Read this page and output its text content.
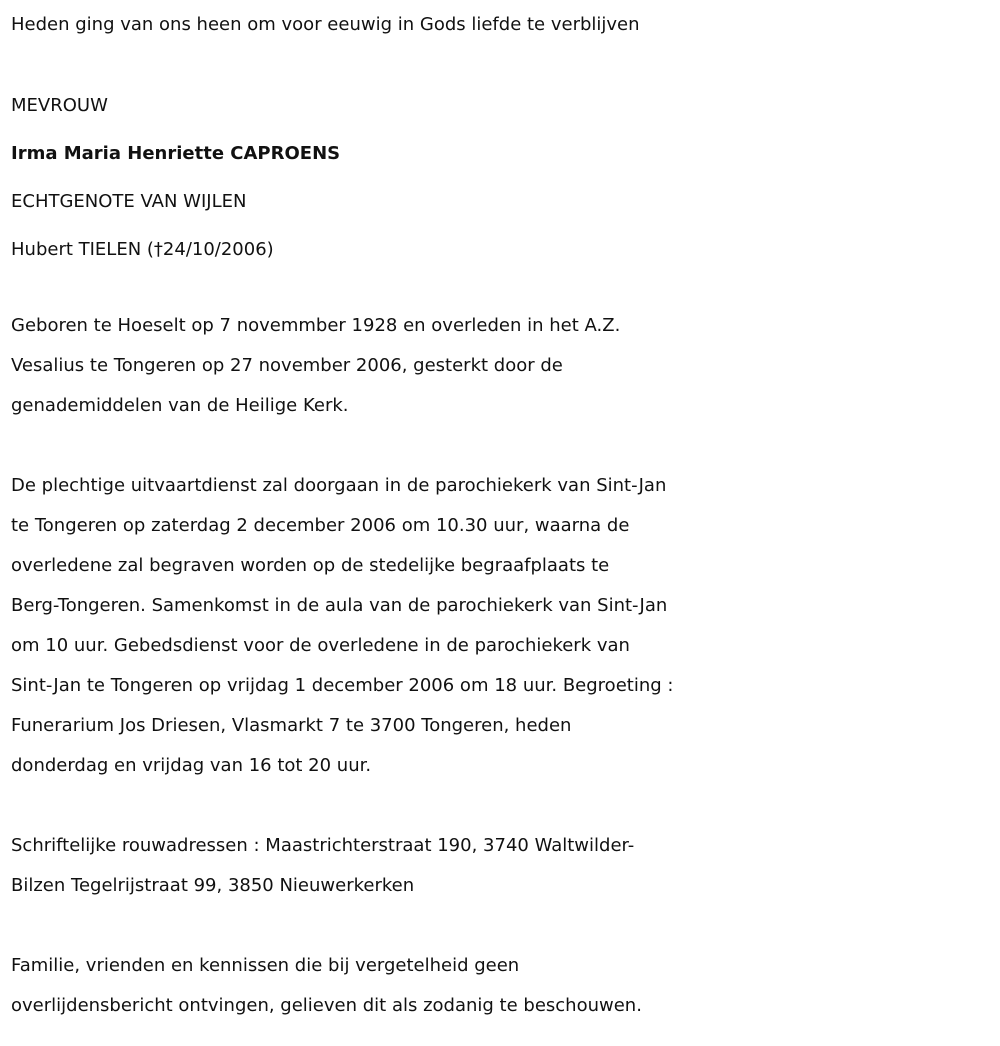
Heden ging van ons heen om voor eeuwig in Gods liefde te verblijven
MEVROUW
Irma Maria Henriette CAPROENS
ECHTGENOTE VAN WIJLEN
Hubert TIELEN (†24/10/2006)
Geboren te Hoeselt op 7 novemmber 1928 en overleden in het A.Z.
Vesalius te Tongeren op 27 november 2006, gesterkt door de
genademiddelen van de Heilige Kerk.
De plechtige uitvaartdienst zal doorgaan in de parochiekerk van Sint-Jan
te Tongeren op zaterdag 2 december 2006 om 10.30 uur, waarna de
overledene zal begraven worden op de stedelijke begraafplaats te
Berg-Tongeren. Samenkomst in de aula van de parochiekerk van Sint-Jan
om 10 uur. Gebedsdienst voor de overledene in de parochiekerk van
Sint-Jan te Tongeren op vrijdag 1 december 2006 om 18 uur. Begroeting :
Funerarium Jos Driesen, Vlasmarkt 7 te 3700 Tongeren, heden
donderdag en vrijdag van 16 tot 20 uur.
Schriftelijke rouwadressen : Maastrichterstraat 190, 3740 Waltwilder-
Bilzen Tegelrijstraat 99, 3850 Nieuwerkerken
Familie, vrienden en kennissen die bij vergetelheid geen
overlijdensbericht ontvingen, gelieven dit als zodanig te beschouwen.
